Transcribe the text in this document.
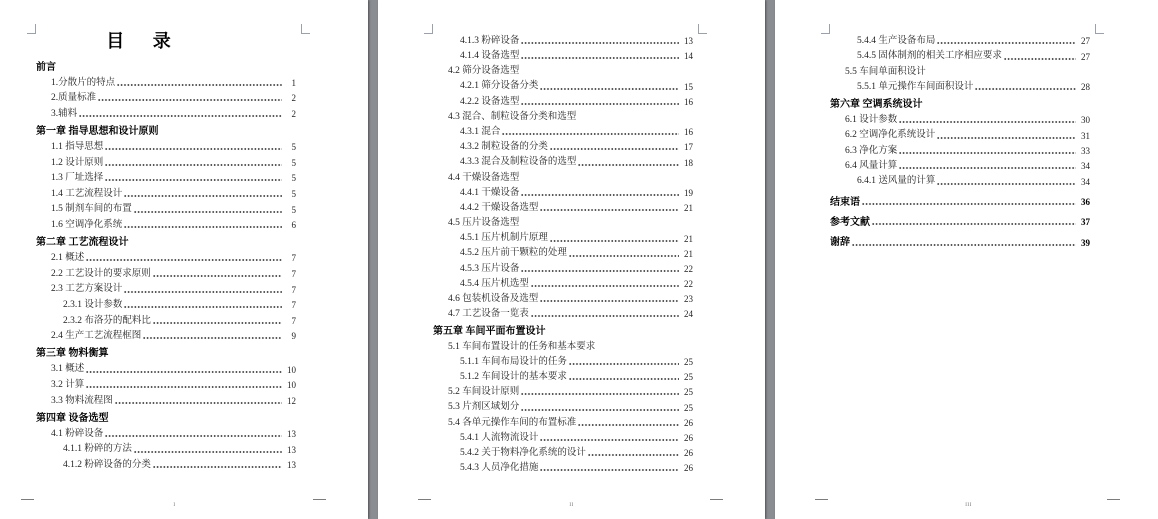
目 录
前言
1.分散片的特点	1
2.质量标准	2
3.辅料	2
第一章 指导思想和设计原则
1.1 指导思想	5
1.2 设计原则	5
1.3 厂址选择	5
1.4 工艺流程设计	5
1.5 制剂车间的布置	5
1.6 空调净化系统	6
第二章 工艺流程设计
2.1 概述	7
2.2 工艺设计的要求原则	7
2.3 工艺方案设计	7
2.3.1 设计参数	7
2.3.2 布洛芬的配料比	7
2.4 生产工艺流程框图	9
第三章 物料衡算
3.1 概述	10
3.2 计算	10
3.3 物料流程图	12
第四章 设备选型
4.1 粉碎设备	13
4.1.1 粉碎的方法	13
4.1.2 粉碎设备的分类	13
I
4.1.3 粉碎设备	13
4.1.4 设备选型	14
4.2 筛分设备选型
4.2.1 筛分设备分类	15
4.2.2 设备选型	16
4.3 混合、制粒设备分类和选型
4.3.1 混合	16
4.3.2 制粒设备的分类	17
4.3.3 混合及制粒设备的选型	18
4.4 干燥设备选型
4.4.1 干燥设备	19
4.4.2 干燥设备选型	21
4.5 压片设备选型
4.5.1 压片机制片原理	21
4.5.2 压片前干颗粒的处理	21
4.5.3 压片设备	22
4.5.4 压片机选型	22
4.6 包装机设备及选型	23
4.7 工艺设备一览表	24
第五章 车间平面布置设计
5.1 车间布置设计的任务和基本要求
5.1.1 车间布局设计的任务	25
5.1.2 车间设计的基本要求	25
5.2 车间设计原则	25
5.3 片剂区域划分	25
5.4 各单元操作车间的布置标准	26
5.4.1 人流物流设计	26
5.4.2 关于物料净化系统的设计	26
5.4.3 人员净化措施	26
II
5.4.4 生产设备布局	27
5.4.5 固体制剂的相关工序相应要求	27
5.5 车间单面积设计
5.5.1 单元操作车间面积设计	28
第六章 空调系统设计
6.1 设计参数	30
6.2 空调净化系统设计	31
6.3 净化方案	33
6.4 风量计算	34
6.4.1 送风量的计算	34
结束语	36
参考文献	37
谢辞	39
III
